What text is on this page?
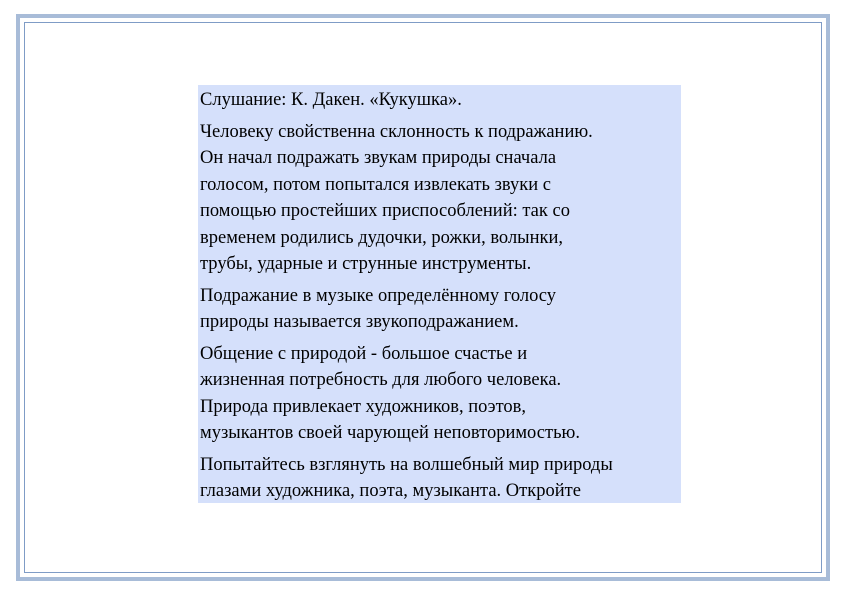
Слушание: К. Дакен. «Кукушка».

Человеку свойственна склонность к подражанию.
Он начал подражать звукам природы сначала
голосом, потом попытался извлекать звуки с
помощью простейших приспособлений: так со
временем родились дудочки, рожки, волынки,
трубы, ударные и струнные инструменты.

Подражание в музыке определённому голосу
природы называется звукоподражанием.

Общение с природой - большое счастье и
жизненная потребность для любого человека.
Природа привлекает художников, поэтов,
музыкантов своей чарующей неповторимостью.

Попытайтесь взглянуть на волшебный мир природы
глазами художника, поэта, музыканта. Откройте
